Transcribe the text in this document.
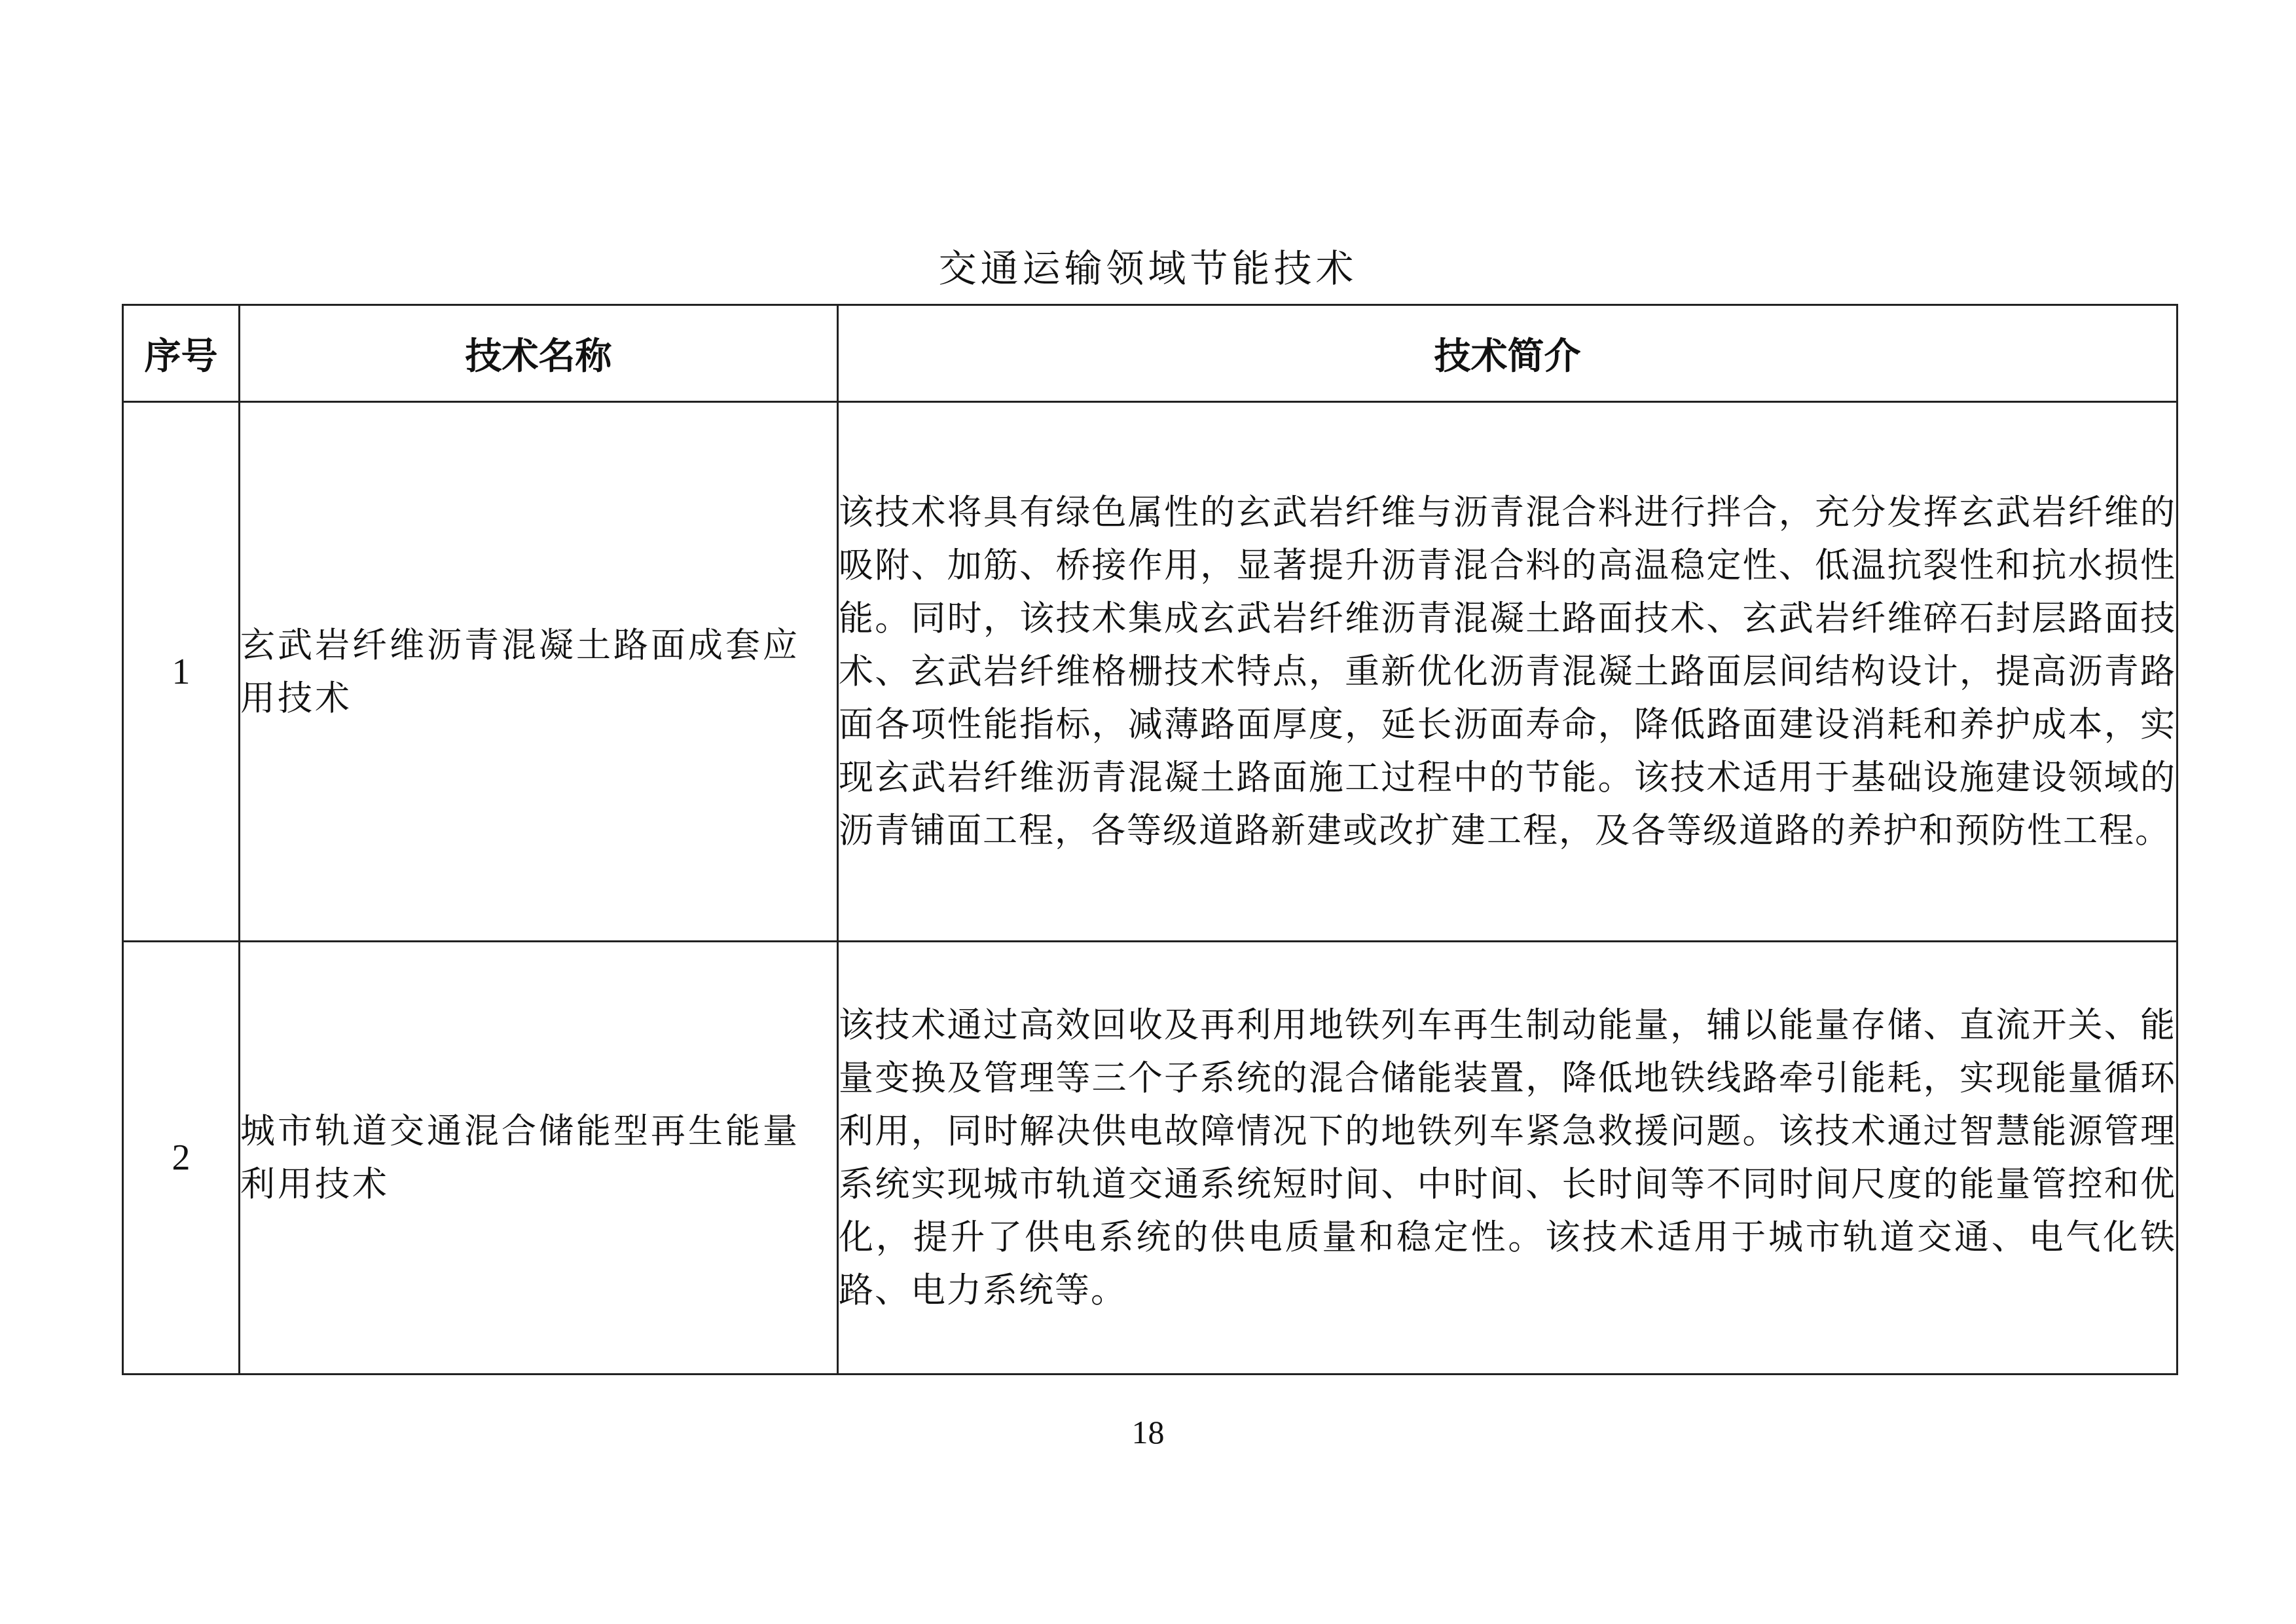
交通运输领域节能技术
序号	技术名称	技术简介
1	玄武岩纤维沥青混凝土路面成套应用技术	该技术将具有绿色属性的玄武岩纤维与沥青混合料进行拌合，充分发挥玄武岩纤维的吸附、加筋、桥接作用，显著提升沥青混合料的高温稳定性、低温抗裂性和抗水损性能。同时，该技术集成玄武岩纤维沥青混凝土路面技术、玄武岩纤维碎石封层路面技术、玄武岩纤维格栅技术特点，重新优化沥青混凝土路面层间结构设计，提高沥青路面各项性能指标，减薄路面厚度，延长沥面寿命，降低路面建设消耗和养护成本，实现玄武岩纤维沥青混凝土路面施工过程中的节能。该技术适用于基础设施建设领域的沥青铺面工程，各等级道路新建或改扩建工程，及各等级道路的养护和预防性工程。
2	城市轨道交通混合储能型再生能量利用技术	该技术通过高效回收及再利用地铁列车再生制动能量，辅以能量存储、直流开关、能量变换及管理等三个子系统的混合储能装置，降低地铁线路牵引能耗，实现能量循环利用，同时解决供电故障情况下的地铁列车紧急救援问题。该技术通过智慧能源管理系统实现城市轨道交通系统短时间、中时间、长时间等不同时间尺度的能量管控和优化，提升了供电系统的供电质量和稳定性。该技术适用于城市轨道交通、电气化铁路、电力系统等。
18
